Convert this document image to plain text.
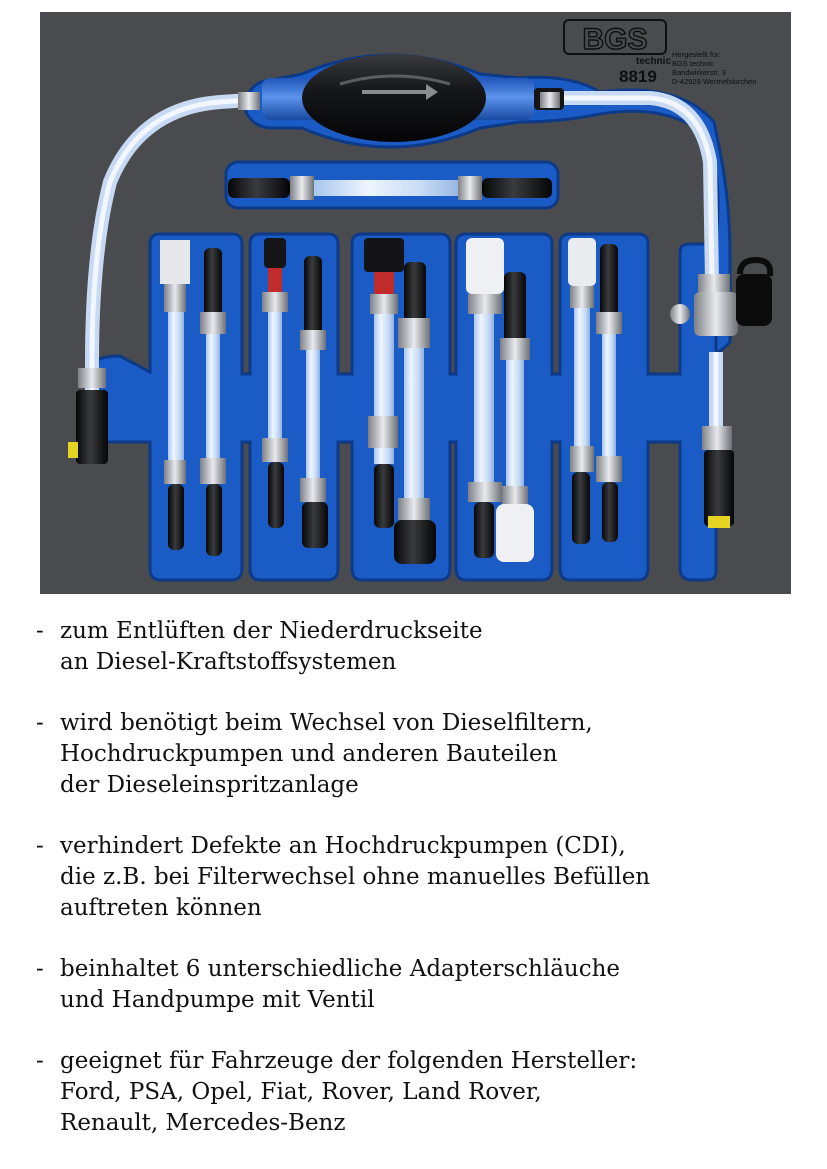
BGS
technic
8819
Hergestellt für:
BGS technic
Bandwirkerstr. 3
D-42929 Wermelskirchen
- zum Entlüften der Niederdruckseite
an Diesel-Kraftstoffsystemen
- wird benötigt beim Wechsel von Dieselfiltern,
Hochdruckpumpen und anderen Bauteilen
der Dieseleinspritzanlage
- verhindert Defekte an Hochdruckpumpen (CDI),
die z.B. bei Filterwechsel ohne manuelles Befüllen
auftreten können
- beinhaltet 6 unterschiedliche Adapterschläuche
und Handpumpe mit Ventil
- geeignet für Fahrzeuge der folgenden Hersteller:
Ford, PSA, Opel, Fiat, Rover, Land Rover,
Renault, Mercedes-Benz
